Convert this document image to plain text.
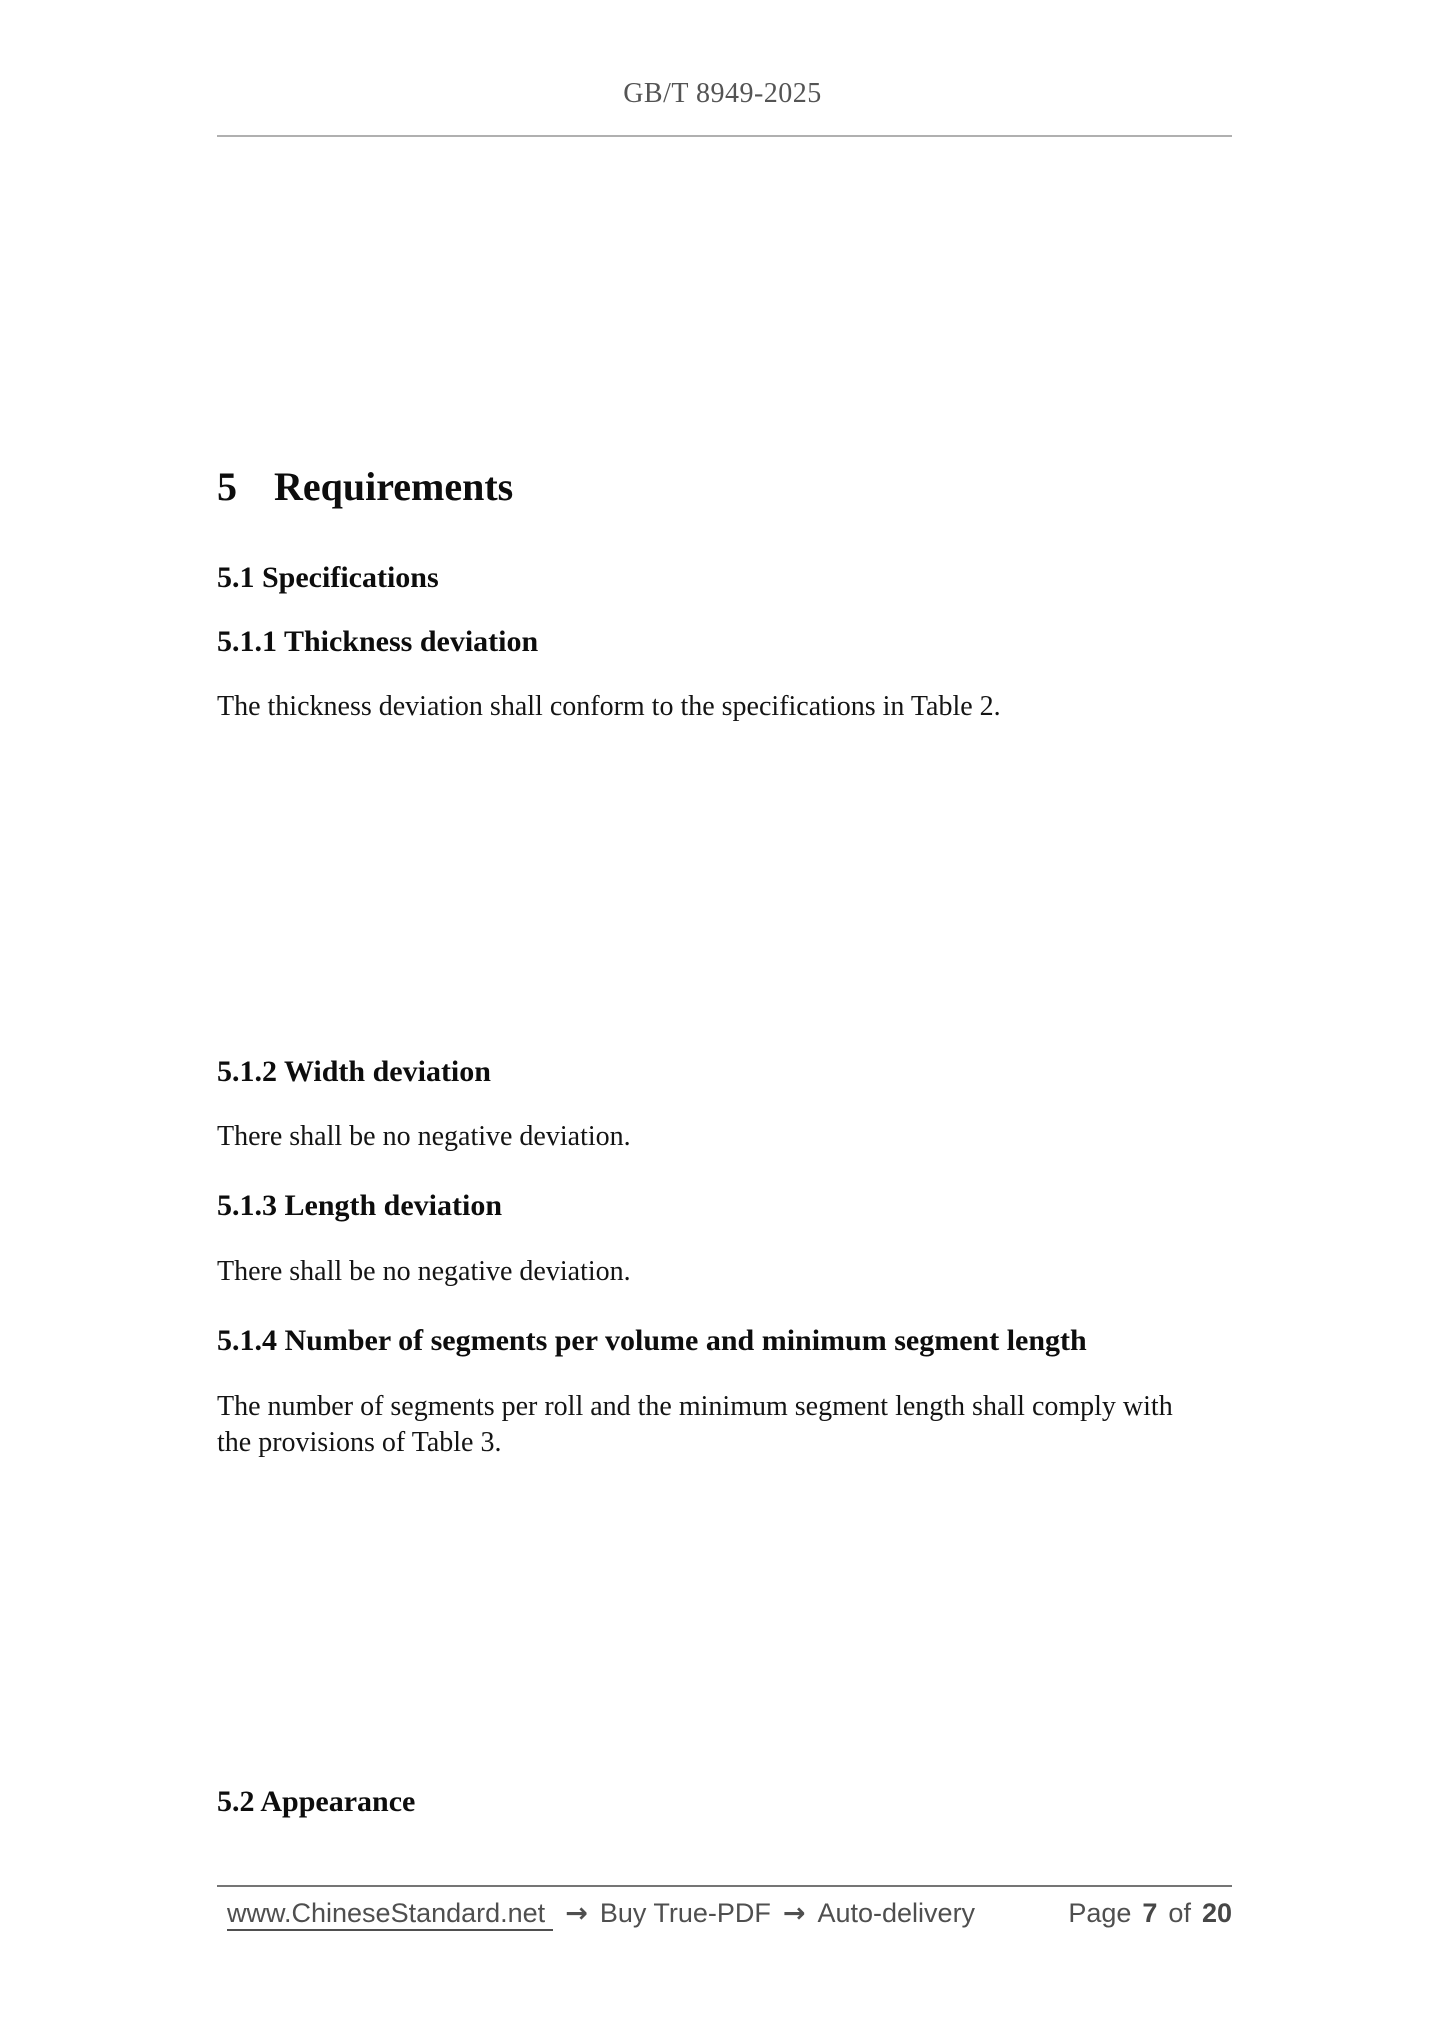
GB/T 8949-2025
5 Requirements
5.1 Specifications
5.1.1 Thickness deviation
The thickness deviation shall conform to the specifications in Table 2.
5.1.2 Width deviation
There shall be no negative deviation.
5.1.3 Length deviation
There shall be no negative deviation.
5.1.4 Number of segments per volume and minimum segment length
The number of segments per roll and the minimum segment length shall comply with
the provisions of Table 3.
5.2 Appearance
www.ChineseStandard.net → Buy True-PDF → Auto-delivery	Page 7 of 20
